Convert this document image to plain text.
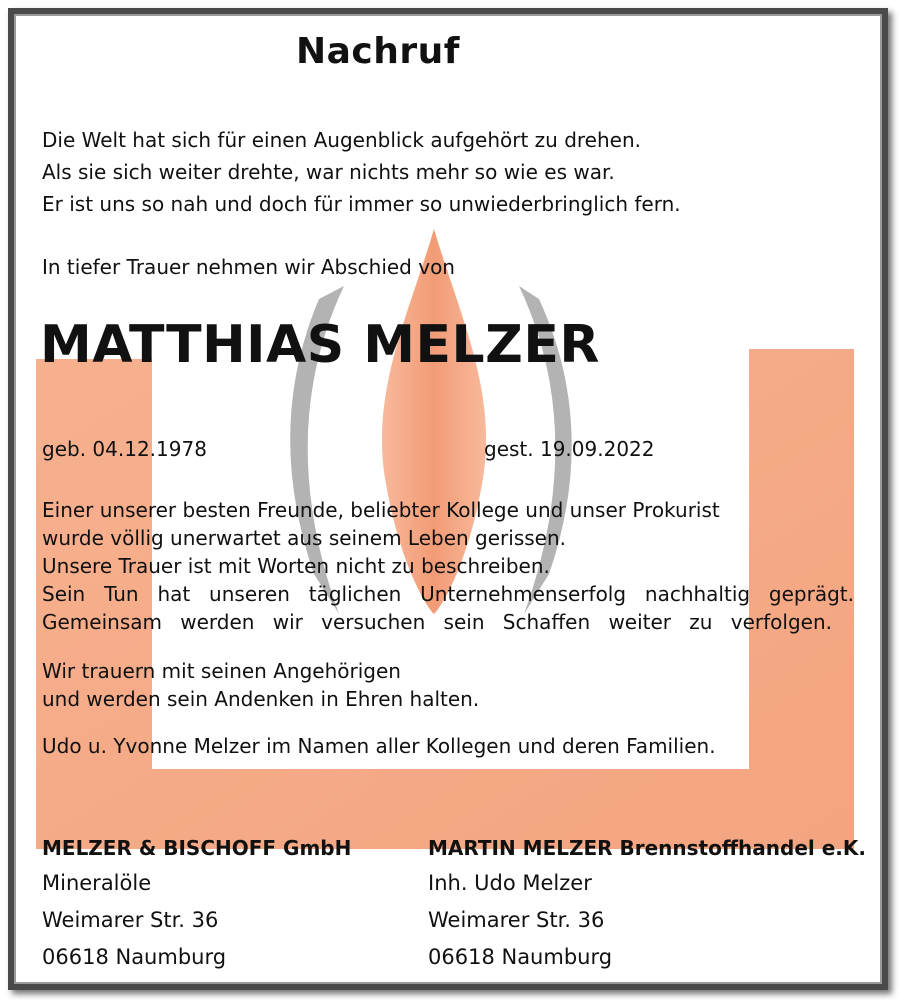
Nachruf
Die Welt hat sich für einen Augenblick aufgehört zu drehen.
Als sie sich weiter drehte, war nichts mehr so wie es war.
Er ist uns so nah und doch für immer so unwiederbringlich fern.
In tiefer Trauer nehmen wir Abschied von
MATTHIAS MELZER
geb. 04.12.1978	gest. 19.09.2022
Einer unserer besten Freunde, beliebter Kollege und unser Prokurist
wurde völlig unerwartet aus seinem Leben gerissen.
Unsere Trauer ist mit Worten nicht zu beschreiben.
Sein Tun hat unseren täglichen Unternehmenserfolg nachhaltig geprägt.
Gemeinsam werden wir versuchen sein Schaffen weiter zu verfolgen.
Wir trauern mit seinen Angehörigen
und werden sein Andenken in Ehren halten.
Udo u. Yvonne Melzer im Namen aller Kollegen und deren Familien.
MELZER & BISCHOFF GmbH
Mineralöle
Weimarer Str. 36
06618 Naumburg
MARTIN MELZER Brennstoffhandel e.K.
Inh. Udo Melzer
Weimarer Str. 36
06618 Naumburg
